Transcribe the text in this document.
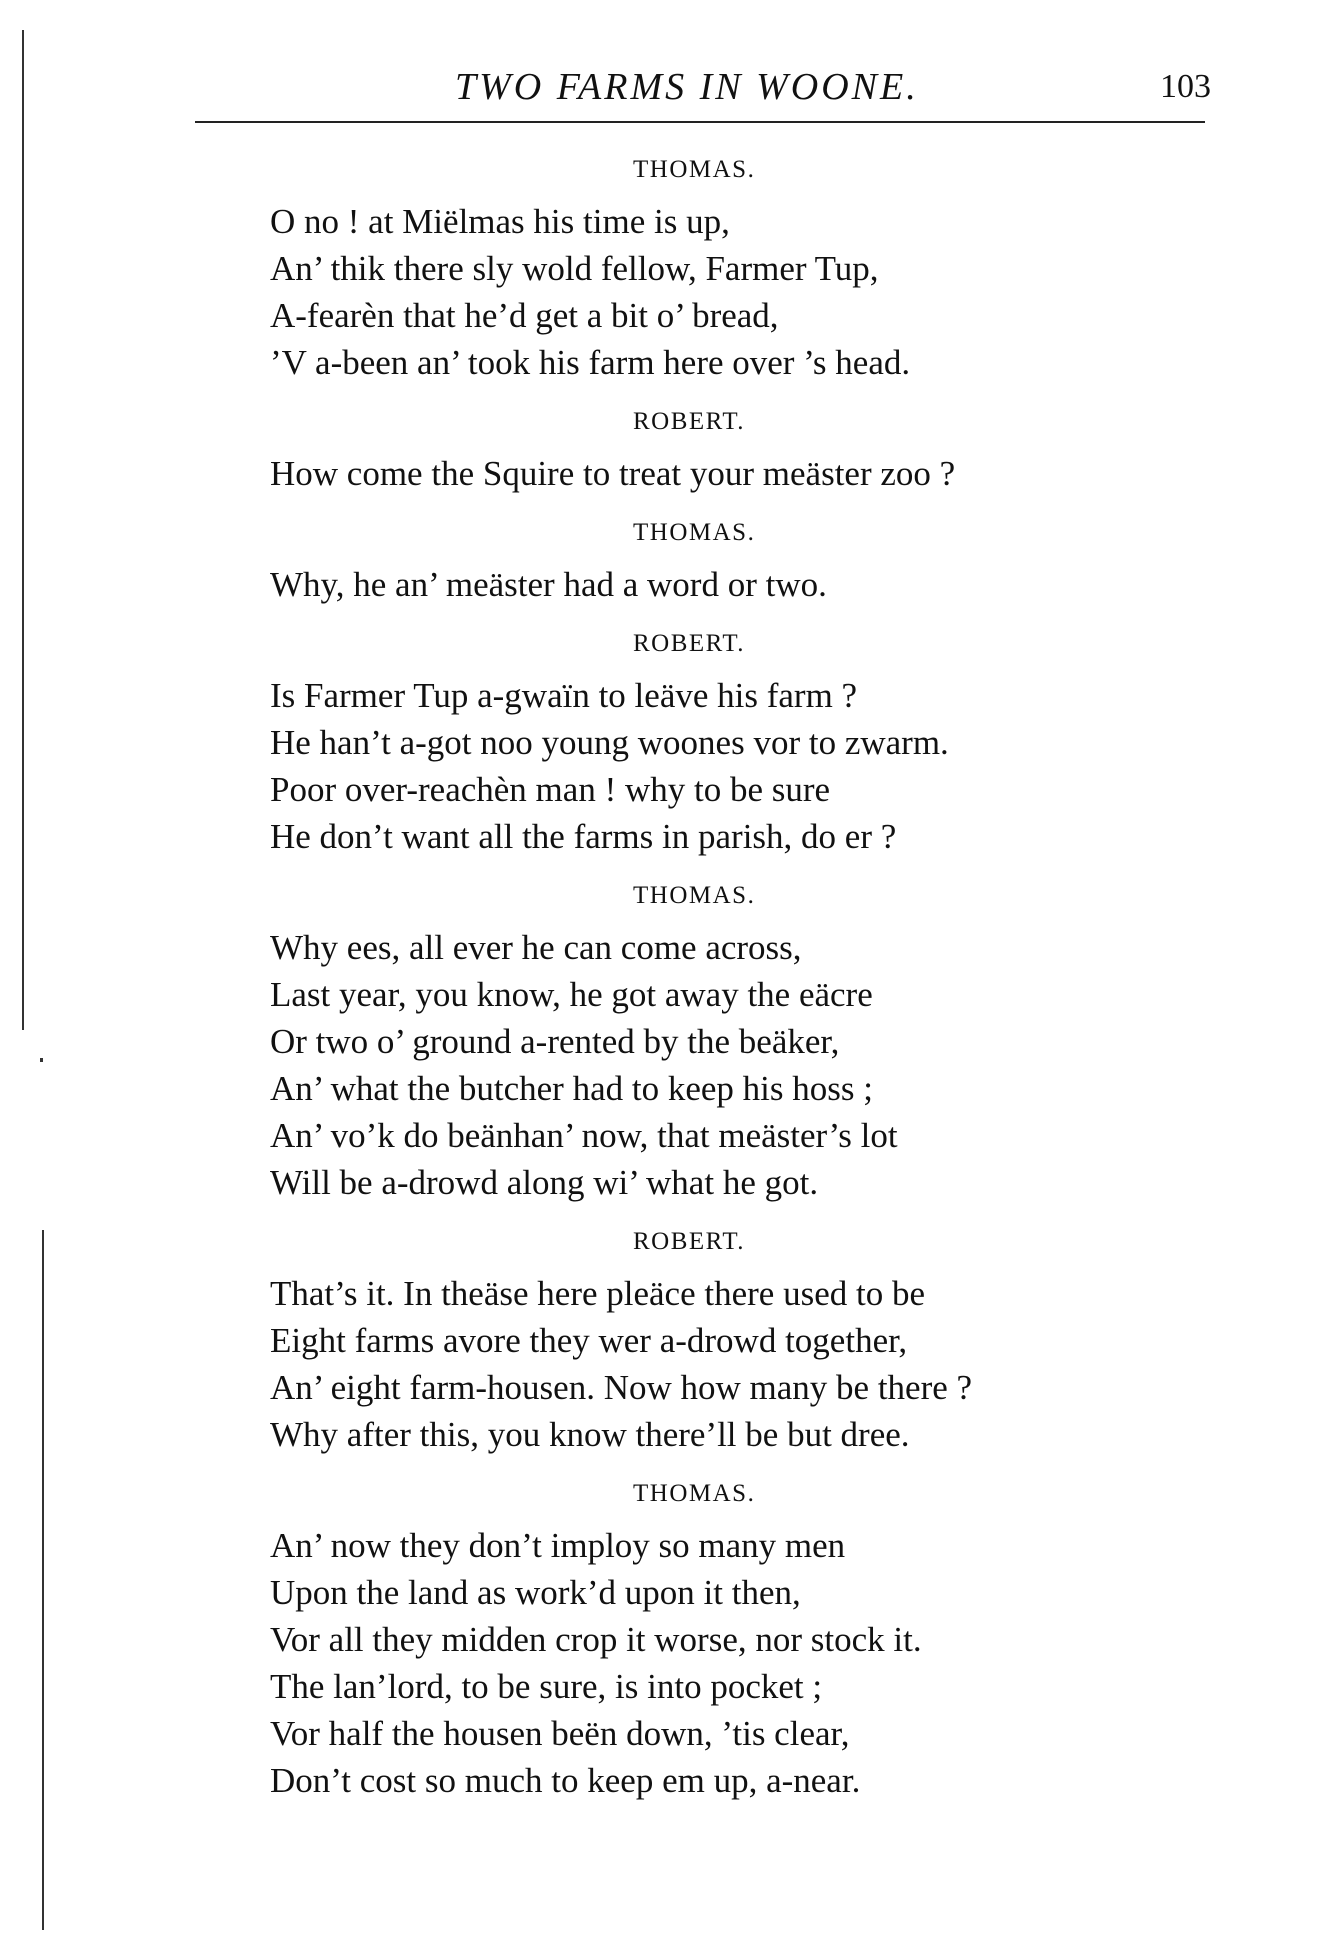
TWO FARMS IN WOONE.	103
THOMAS.
O no ! at Miëlmas his time is up,
An’ thik there sly wold fellow, Farmer Tup,
A-fearèn that he’d get a bit o’ bread,
’V a-been an’ took his farm here over ’s head.
ROBERT.
How come the Squire to treat your meäster zoo ?
THOMAS.
Why, he an’ meäster had a word or two.
ROBERT.
Is Farmer Tup a-gwaïn to leäve his farm ?
He han’t a-got noo young woones vor to zwarm.
Poor over-reachèn man ! why to be sure
He don’t want all the farms in parish, do er ?
THOMAS.
Why ees, all ever he can come across,
Last year, you know, he got away the eäcre
Or two o’ ground a-rented by the beäker,
An’ what the butcher had to keep his hoss ;
An’ vo’k do beänhan’ now, that meäster’s lot
Will be a-drowd along wi’ what he got.
ROBERT.
That’s it. In theäse here pleäce there used to be
Eight farms avore they wer a-drowd together,
An’ eight farm-housen. Now how many be there ?
Why after this, you know there’ll be but dree.
THOMAS.
An’ now they don’t imploy so many men
Upon the land as work’d upon it then,
Vor all they midden crop it worse, nor stock it.
The lan’lord, to be sure, is into pocket ;
Vor half the housen beën down, ’tis clear,
Don’t cost so much to keep em up, a-near.
